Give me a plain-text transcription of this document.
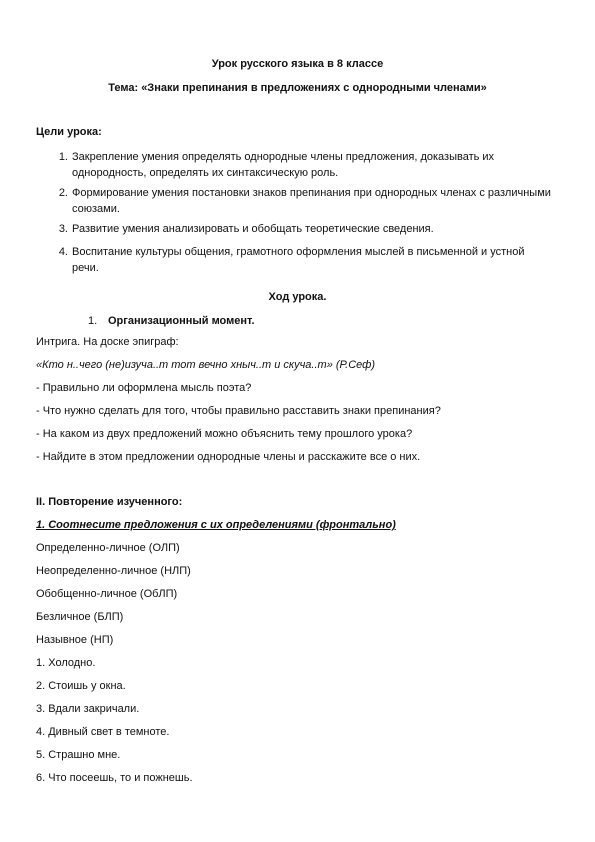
Урок русского языка в 8 классе
Тема: «Знаки препинания в предложениях с однородными членами»
Цели урока:
1. Закрепление умения определять однородные члены предложения, доказывать их однородность, определять их синтаксическую роль.
2. Формирование умения постановки знаков препинания при однородных членах с различными союзами.
3. Развитие умения анализировать и обобщать теоретические сведения.
4. Воспитание культуры общения, грамотного оформления мыслей в письменной и устной речи.
Ход урока.
1. Организационный момент.
Интрига. На доске эпиграф:
«Кто н..чего (не)изуча..т тот вечно хныч..т и скуча..т» (Р.Сеф)
- Правильно ли оформлена мысль поэта?
- Что нужно сделать для того, чтобы правильно расставить знаки препинания?
- На каком из двух предложений можно объяснить тему прошлого урока?
- Найдите в этом предложении однородные члены и расскажите все о них.
II. Повторение изученного:
1. Соотнесите предложения с их определениями (фронтально)
Определенно-личное (ОЛП)
Неопределенно-личное (НЛП)
Обобщенно-личное (ОбЛП)
Безличное (БЛП)
Назывное (НП)
1. Холодно.
2. Стоишь у окна.
3. Вдали закричали.
4. Дивный свет в темноте.
5. Страшно мне.
6. Что посеешь, то и пожнешь.
